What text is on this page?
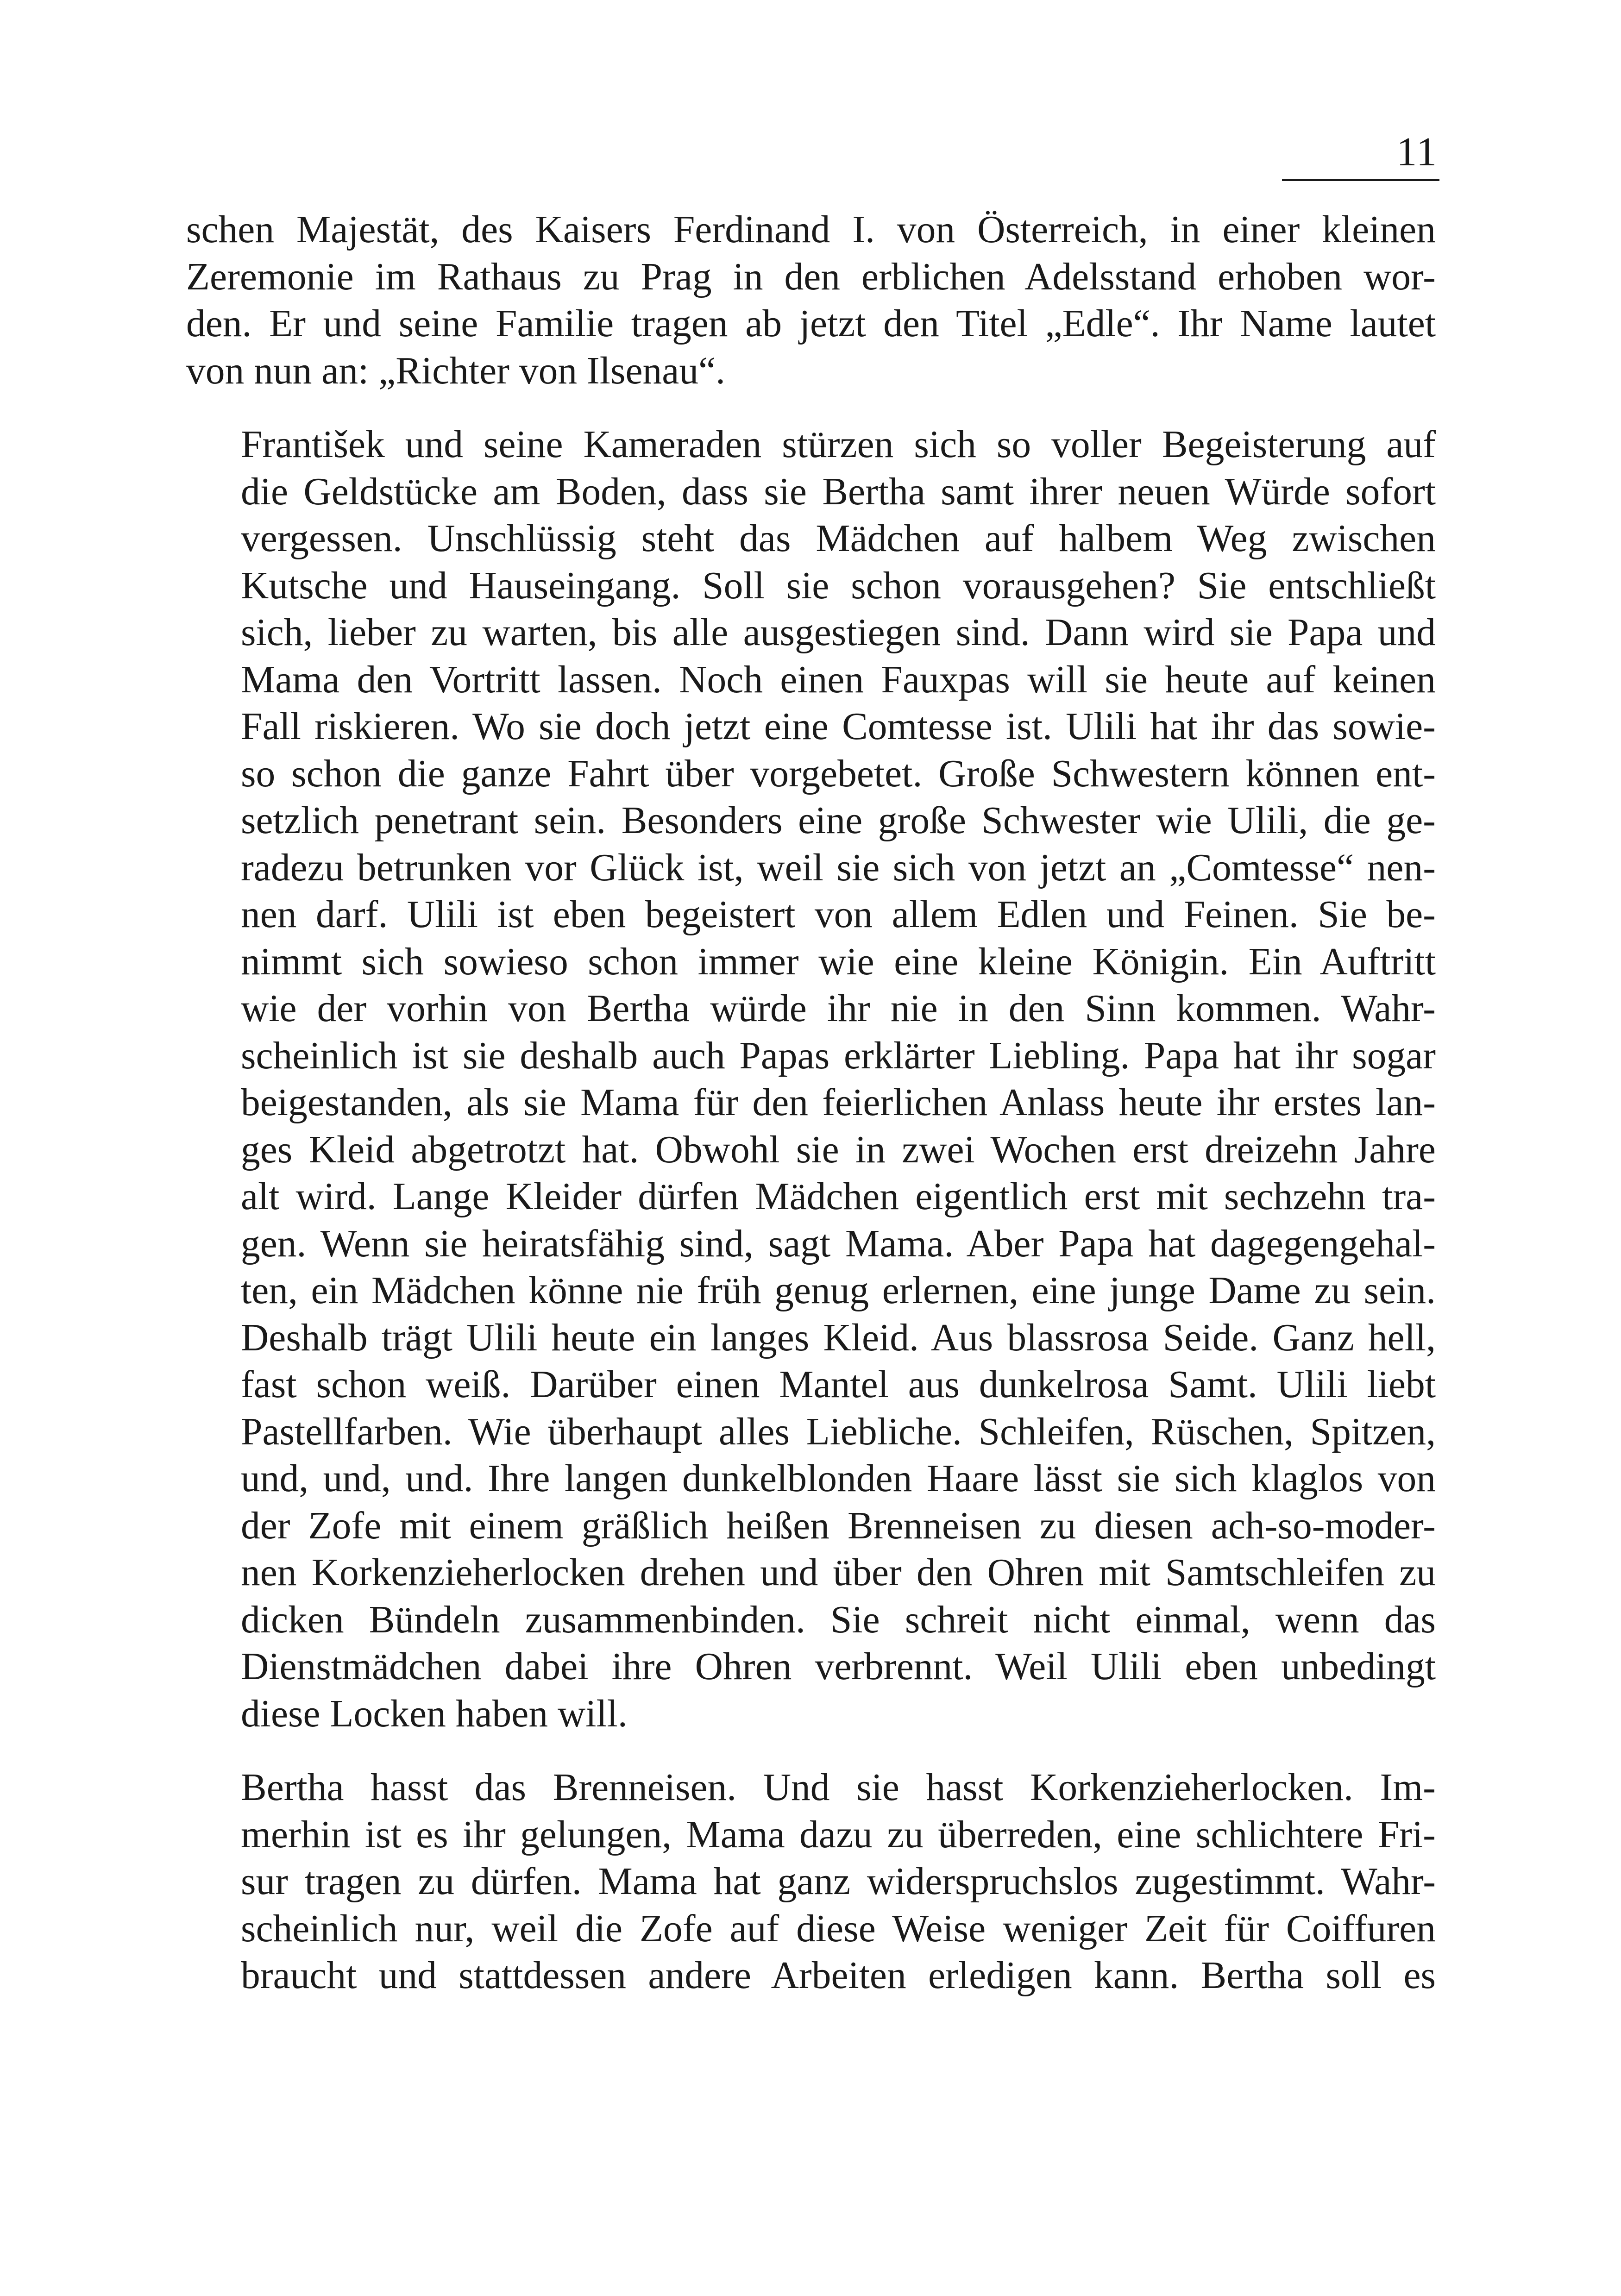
11

schen Majestät, des Kaisers Ferdinand I. von Österreich, in einer kleinen
Zeremonie im Rathaus zu Prag in den erblichen Adelsstand erhoben wor-
den. Er und seine Familie tragen ab jetzt den Titel „Edle“. Ihr Name lautet
von nun an: „Richter von Ilsenau“.

František und seine Kameraden stürzen sich so voller Begeisterung auf
die Geldstücke am Boden, dass sie Bertha samt ihrer neuen Würde sofort
vergessen. Unschlüssig steht das Mädchen auf halbem Weg zwischen
Kutsche und Hauseingang. Soll sie schon vorausgehen? Sie entschließt
sich, lieber zu warten, bis alle ausgestiegen sind. Dann wird sie Papa und
Mama den Vortritt lassen. Noch einen Fauxpas will sie heute auf keinen
Fall riskieren. Wo sie doch jetzt eine Comtesse ist. Ulili hat ihr das sowie-
so schon die ganze Fahrt über vorgebetet. Große Schwestern können ent-
setzlich penetrant sein. Besonders eine große Schwester wie Ulili, die ge-
radezu betrunken vor Glück ist, weil sie sich von jetzt an „Comtesse“ nen-
nen darf. Ulili ist eben begeistert von allem Edlen und Feinen. Sie be-
nimmt sich sowieso schon immer wie eine kleine Königin. Ein Auftritt
wie der vorhin von Bertha würde ihr nie in den Sinn kommen. Wahr-
scheinlich ist sie deshalb auch Papas erklärter Liebling. Papa hat ihr sogar
beigestanden, als sie Mama für den feierlichen Anlass heute ihr erstes lan-
ges Kleid abgetrotzt hat. Obwohl sie in zwei Wochen erst dreizehn Jahre
alt wird. Lange Kleider dürfen Mädchen eigentlich erst mit sechzehn tra-
gen. Wenn sie heiratsfähig sind, sagt Mama. Aber Papa hat dagegengehal-
ten, ein Mädchen könne nie früh genug erlernen, eine junge Dame zu sein.
Deshalb trägt Ulili heute ein langes Kleid. Aus blassrosa Seide. Ganz hell,
fast schon weiß. Darüber einen Mantel aus dunkelrosa Samt. Ulili liebt
Pastellfarben. Wie überhaupt alles Liebliche. Schleifen, Rüschen, Spitzen,
und, und, und. Ihre langen dunkelblonden Haare lässt sie sich klaglos von
der Zofe mit einem gräßlich heißen Brenneisen zu diesen ach-so-moder-
nen Korkenzieherlocken drehen und über den Ohren mit Samtschleifen zu
dicken Bündeln zusammenbinden. Sie schreit nicht einmal, wenn das
Dienstmädchen dabei ihre Ohren verbrennt. Weil Ulili eben unbedingt
diese Locken haben will.

Bertha hasst das Brenneisen. Und sie hasst Korkenzieherlocken. Im-
merhin ist es ihr gelungen, Mama dazu zu überreden, eine schlichtere Fri-
sur tragen zu dürfen. Mama hat ganz widerspruchslos zugestimmt. Wahr-
scheinlich nur, weil die Zofe auf diese Weise weniger Zeit für Coiffuren
braucht und stattdessen andere Arbeiten erledigen kann. Bertha soll es
